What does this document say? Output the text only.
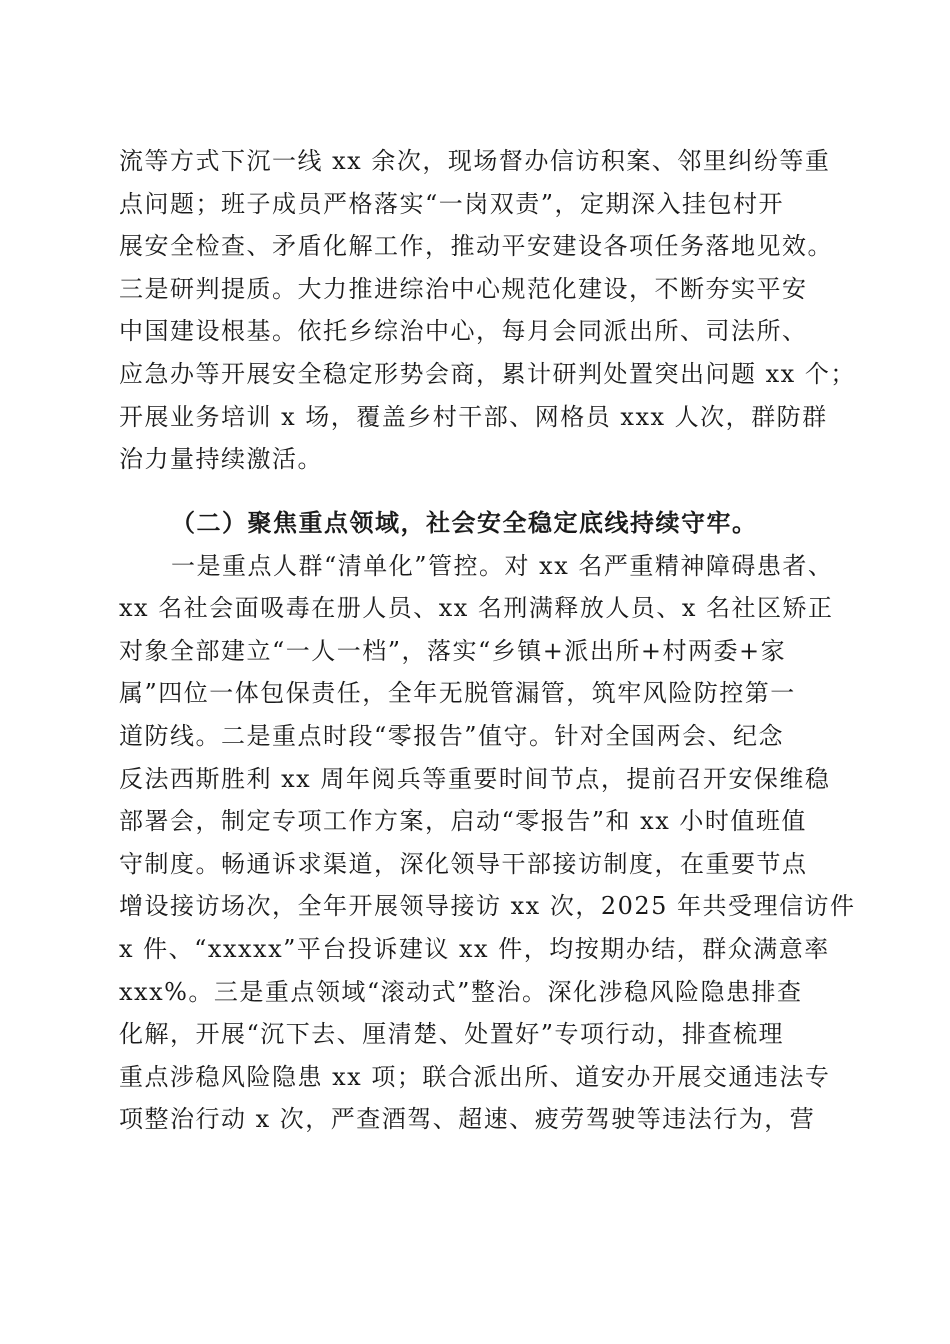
流等方式下沉一线 xx 余次，现场督办信访积案、邻里纠纷等重
点问题；班子成员严格落实“一岗双责”，定期深入挂包村开
展安全检查、矛盾化解工作，推动平安建设各项任务落地见效。
三是研判提质。大力推进综治中心规范化建设，不断夯实平安
中国建设根基。依托乡综治中心，每月会同派出所、司法所、
应急办等开展安全稳定形势会商，累计研判处置突出问题 xx 个；
开展业务培训 x 场，覆盖乡村干部、网格员 xxx 人次，群防群
治力量持续激活。
（二）聚焦重点领域，社会安全稳定底线持续守牢。
一是重点人群“清单化”管控。对 xx 名严重精神障碍患者、
xx 名社会面吸毒在册人员、xx 名刑满释放人员、x 名社区矫正
对象全部建立“一人一档”，落实“乡镇+派出所+村两委+家
属”四位一体包保责任，全年无脱管漏管，筑牢风险防控第一
道防线。二是重点时段“零报告”值守。针对全国两会、纪念
反法西斯胜利 xx 周年阅兵等重要时间节点，提前召开安保维稳
部署会，制定专项工作方案，启动“零报告”和 xx 小时值班值
守制度。畅通诉求渠道，深化领导干部接访制度，在重要节点
增设接访场次，全年开展领导接访 xx 次，2025 年共受理信访件
x 件、“xxxxx”平台投诉建议 xx 件，均按期办结，群众满意率
xxx%。三是重点领域“滚动式”整治。深化涉稳风险隐患排查
化解，开展“沉下去、厘清楚、处置好”专项行动，排查梳理
重点涉稳风险隐患 xx 项；联合派出所、道安办开展交通违法专
项整治行动 x 次，严查酒驾、超速、疲劳驾驶等违法行为，营
